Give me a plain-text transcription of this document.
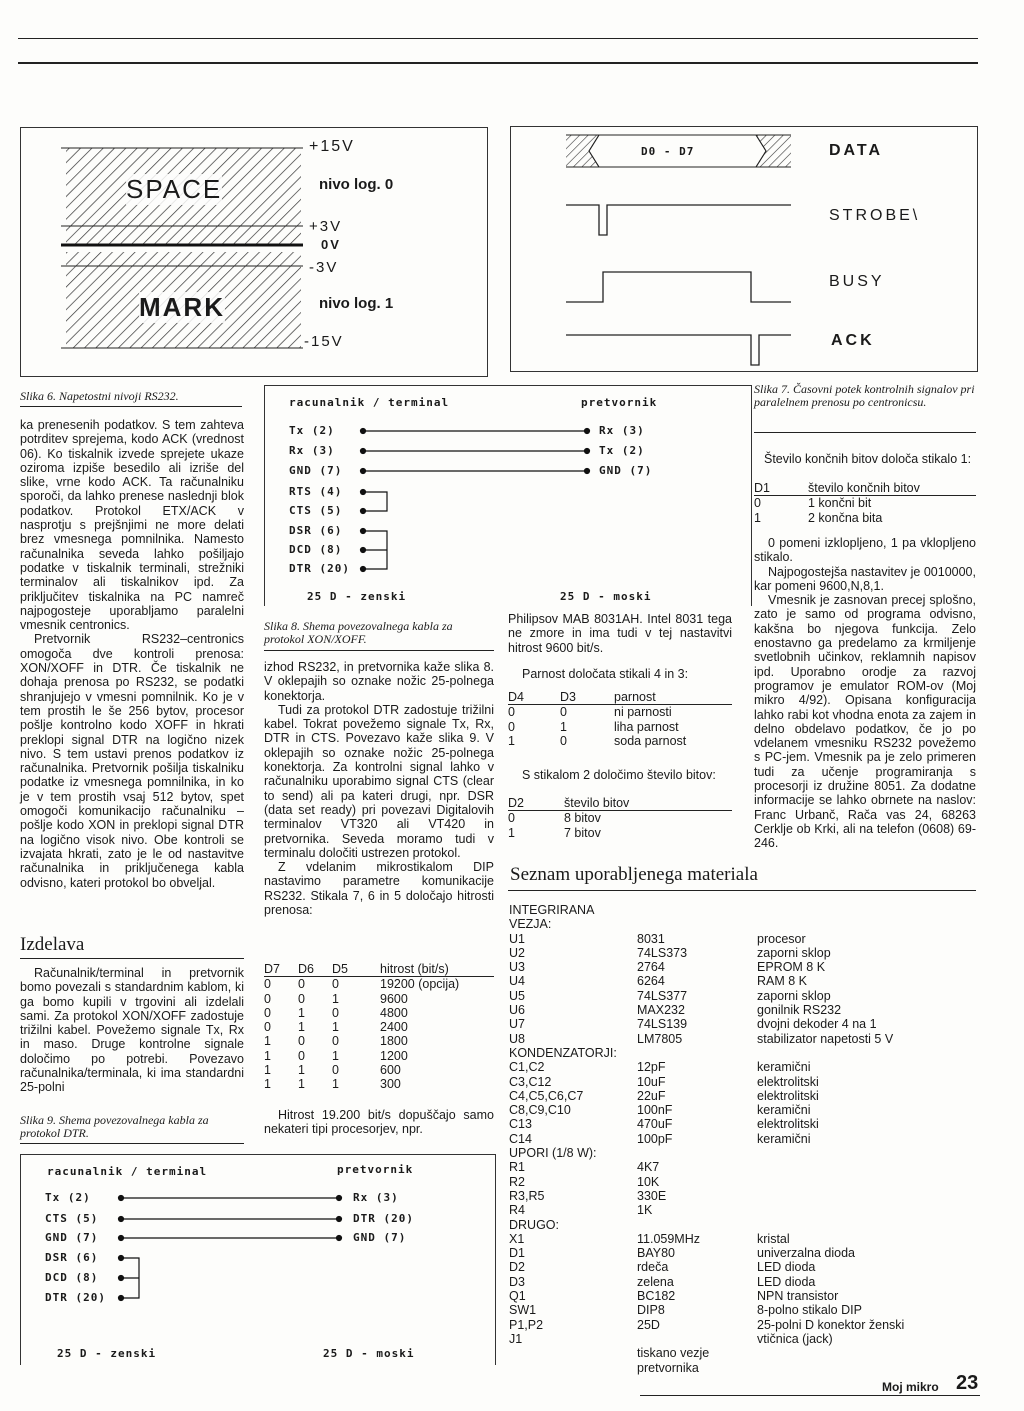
SPACE
MARK
+15V
nivo log. 0
+3V
0V
-3V
nivo log. 1
-15V
Slika 6. Napetostni nivoji RS232.
D0 - D7	DATA
STROBE\
BUSY
ACK
Slika 7. Časovni potek kontrolnih signalov pri paralelnem prenosu po centronicsu.

ka prenesenih podatkov. S tem zahteva potrditev sprejema, kodo ACK (vrednost 06). Ko tiskalnik izvede sprejete ukaze oziroma izpiše besedilo ali izriše del slike, vrne kodo ACK. Ta računalniku sporoči, da lahko prenese naslednji blok podatkov. Protokol ETX/ACK v nasprotju s prejšnjimi ne more delati brez vmesnega pomnilnika. Namesto računalnika seveda lahko pošiljajo podatke v tiskalnik terminali, strežniki terminalov ali tiskalnikov ipd. Za priključitev tiskalnika na PC namreč najpogosteje uporabljamo paralelni vmesnik centronics.

Pretvornik RS232–centronics omogoča dve kontroli prenosa: XON/XOFF in DTR. Če tiskalnik ne dohaja prenosa po RS232, se podatki shranjujejo v vmesni pomnilnik. Ko je v tem prostih le še 256 bytov, procesor pošlje kontrolno kodo XOFF in hkrati preklopi signal DTR na logično nizek nivo. S tem ustavi prenos podatkov iz računalnika. Pretvornik pošilja tiskalniku podatke iz vmesnega pomnilnika, in ko je v tem prostih vsaj 512 bytov, spet omogoči komunikacijo računalniku – pošlje kodo XON in preklopi signal DTR na logično visok nivo. Obe kontroli se izvajata hkrati, zato je le od nastavitve računalnika in priključenega kabla odvisno, kateri protokol bo obveljal.

Izdelava

Računalnik/terminal in pretvornik bomo povezali s standardnim kablom, ki ga bomo kupili v trgovini ali izdelali sami. Za protokol XON/XOFF zadostuje trižilni kabel. Povežemo signale Tx, Rx in maso. Druge kontrolne signale določimo po potrebi. Povezavo računalnika/terminala, ki ima standardni 25-polni

Slika 9. Shema povezovalnega kabla za protokol DTR.
racunalnik / terminal	pretvornik
Tx (2)
Rx (3)
GND (7)
RTS (4)
CTS (5)
DSR (6)
DCD (8)
DTR (20)
Rx (3)
Tx (2)
GND (7)
25 D - zenski	25 D - moski
Slika 8. Shema povezovalnega kabla za protokol XON/XOFF.

izhod RS232, in pretvornika kaže slika 8. V oklepajih so oznake nožic 25-polnega konektorja.

Tudi za protokol DTR zadostuje trižilni kabel. Tokrat povežemo signale Tx, Rx, DTR in CTS. Povezavo kaže slika 9. V oklepajih so oznake nožic 25-polnega konektorja. Za kontrolni signal lahko v računalniku uporabimo signal CTS (clear to send) ali pa kateri drugi, npr. DSR (data set ready) pri povezavi Digitalovih terminalov VT320 ali VT420 in pretvornika. Seveda moramo tudi v terminalu določiti ustrezen protokol.

Z vdelanim mikrostikalom DIP nastavimo parametre komunikacije RS232. Stikala 7, 6 in 5 določajo hitrosti prenosa:

D7	D6	D5	hitrost (bit/s)
0	0	0	19200 (opcija)
0	0	1	9600
0	1	0	4800
0	1	1	2400
1	0	0	1800
1	0	1	1200
1	1	0	600
1	1	1	300

Hitrost 19.200 bit/s dopuščajo samo nekateri tipi procesorjev, npr.

racunalnik / terminal	pretvornik
Tx (2)
CTS (5)
GND (7)
DSR (6)
DCD (8)
DTR (20)
Rx (3)
DTR (20)
GND (7)
25 D - zenski	25 D - moski

Philipsov MAB 8031AH. Intel 8031 tega ne zmore in ima tudi v tej nastavitvi hitrost 9600 bit/s.

Parnost določata stikali 4 in 3:

D4	D3	parnost
0	0	ni parnosti
0	1	liha parnost
1	0	soda parnost

S stikalom 2 določimo število bitov:

D2	število bitov
0	8 bitov
1	7 bitov

Število končnih bitov določa stikalo 1:

D1	število končnih bitov
0	1 končni bit
1	2 končna bita

0 pomeni izklopljeno, 1 pa vklopljeno stikalo.

Najpogostejša nastavitev je 0010000, kar pomeni 9600,N,8,1.

Vmesnik je zasnovan precej splošno, zato je samo od programa odvisno, kakšna bo njegova funkcija. Zelo enostavno ga predelamo za krmiljenje svetlobnih učinkov, reklamnih napisov ipd. Uporabno orodje za razvoj programov je emulator ROM-ov (Moj mikro 4/92). Opisana konfiguracija lahko rabi kot vhodna enota za zajem in delno obdelavo podatkov, če jo po vdelanem vmesniku RS232 povežemo s PC-jem. Vmesnik pa je zelo primeren tudi za učenje programiranja s procesorji iz družine 8051. Za dodatne informacije se lahko obrnete na naslov: Franc Urbanč, Rača vas 24, 68263 Cerklje ob Krki, ali na telefon (0608) 69-246.

Seznam uporabljenega materiala
INTEGRIRANA VEZJA:		
U1	8031	procesor
U2	74LS373	zaporni sklop
U3	2764	EPROM 8 K
U4	6264	RAM 8 K
U5	74LS377	zaporni sklop
U6	MAX232	gonilnik RS232
U7	74LS139	dvojni dekoder 4 na 1
U8	LM7805	stabilizator napetosti 5 V
KONDENZATORJI:		
C1,C2	12pF	keramični
C3,C12	10uF	elektrolitski
C4,C5,C6,C7	22uF	elektrolitski
C8,C9,C10	100nF	keramični
C13	470uF	elektrolitski
C14	100pF	keramični
UPORI (1/8 W):		
R1	4K7	
R2	10K	
R3,R5	330E	
R4	1K	
DRUGO:		
X1	11.059MHz	kristal
D1	BAY80	univerzalna dioda
D2	rdeča	LED dioda
D3	zelena	LED dioda
Q1	BC182	NPN transistor
SW1	DIP8	8-polno stikalo DIP
P1,P2	25D	25-polni D konektor ženski
J1		vtičnica (jack)
	tiskano vezje pretvornika	
Moj mikro 23
